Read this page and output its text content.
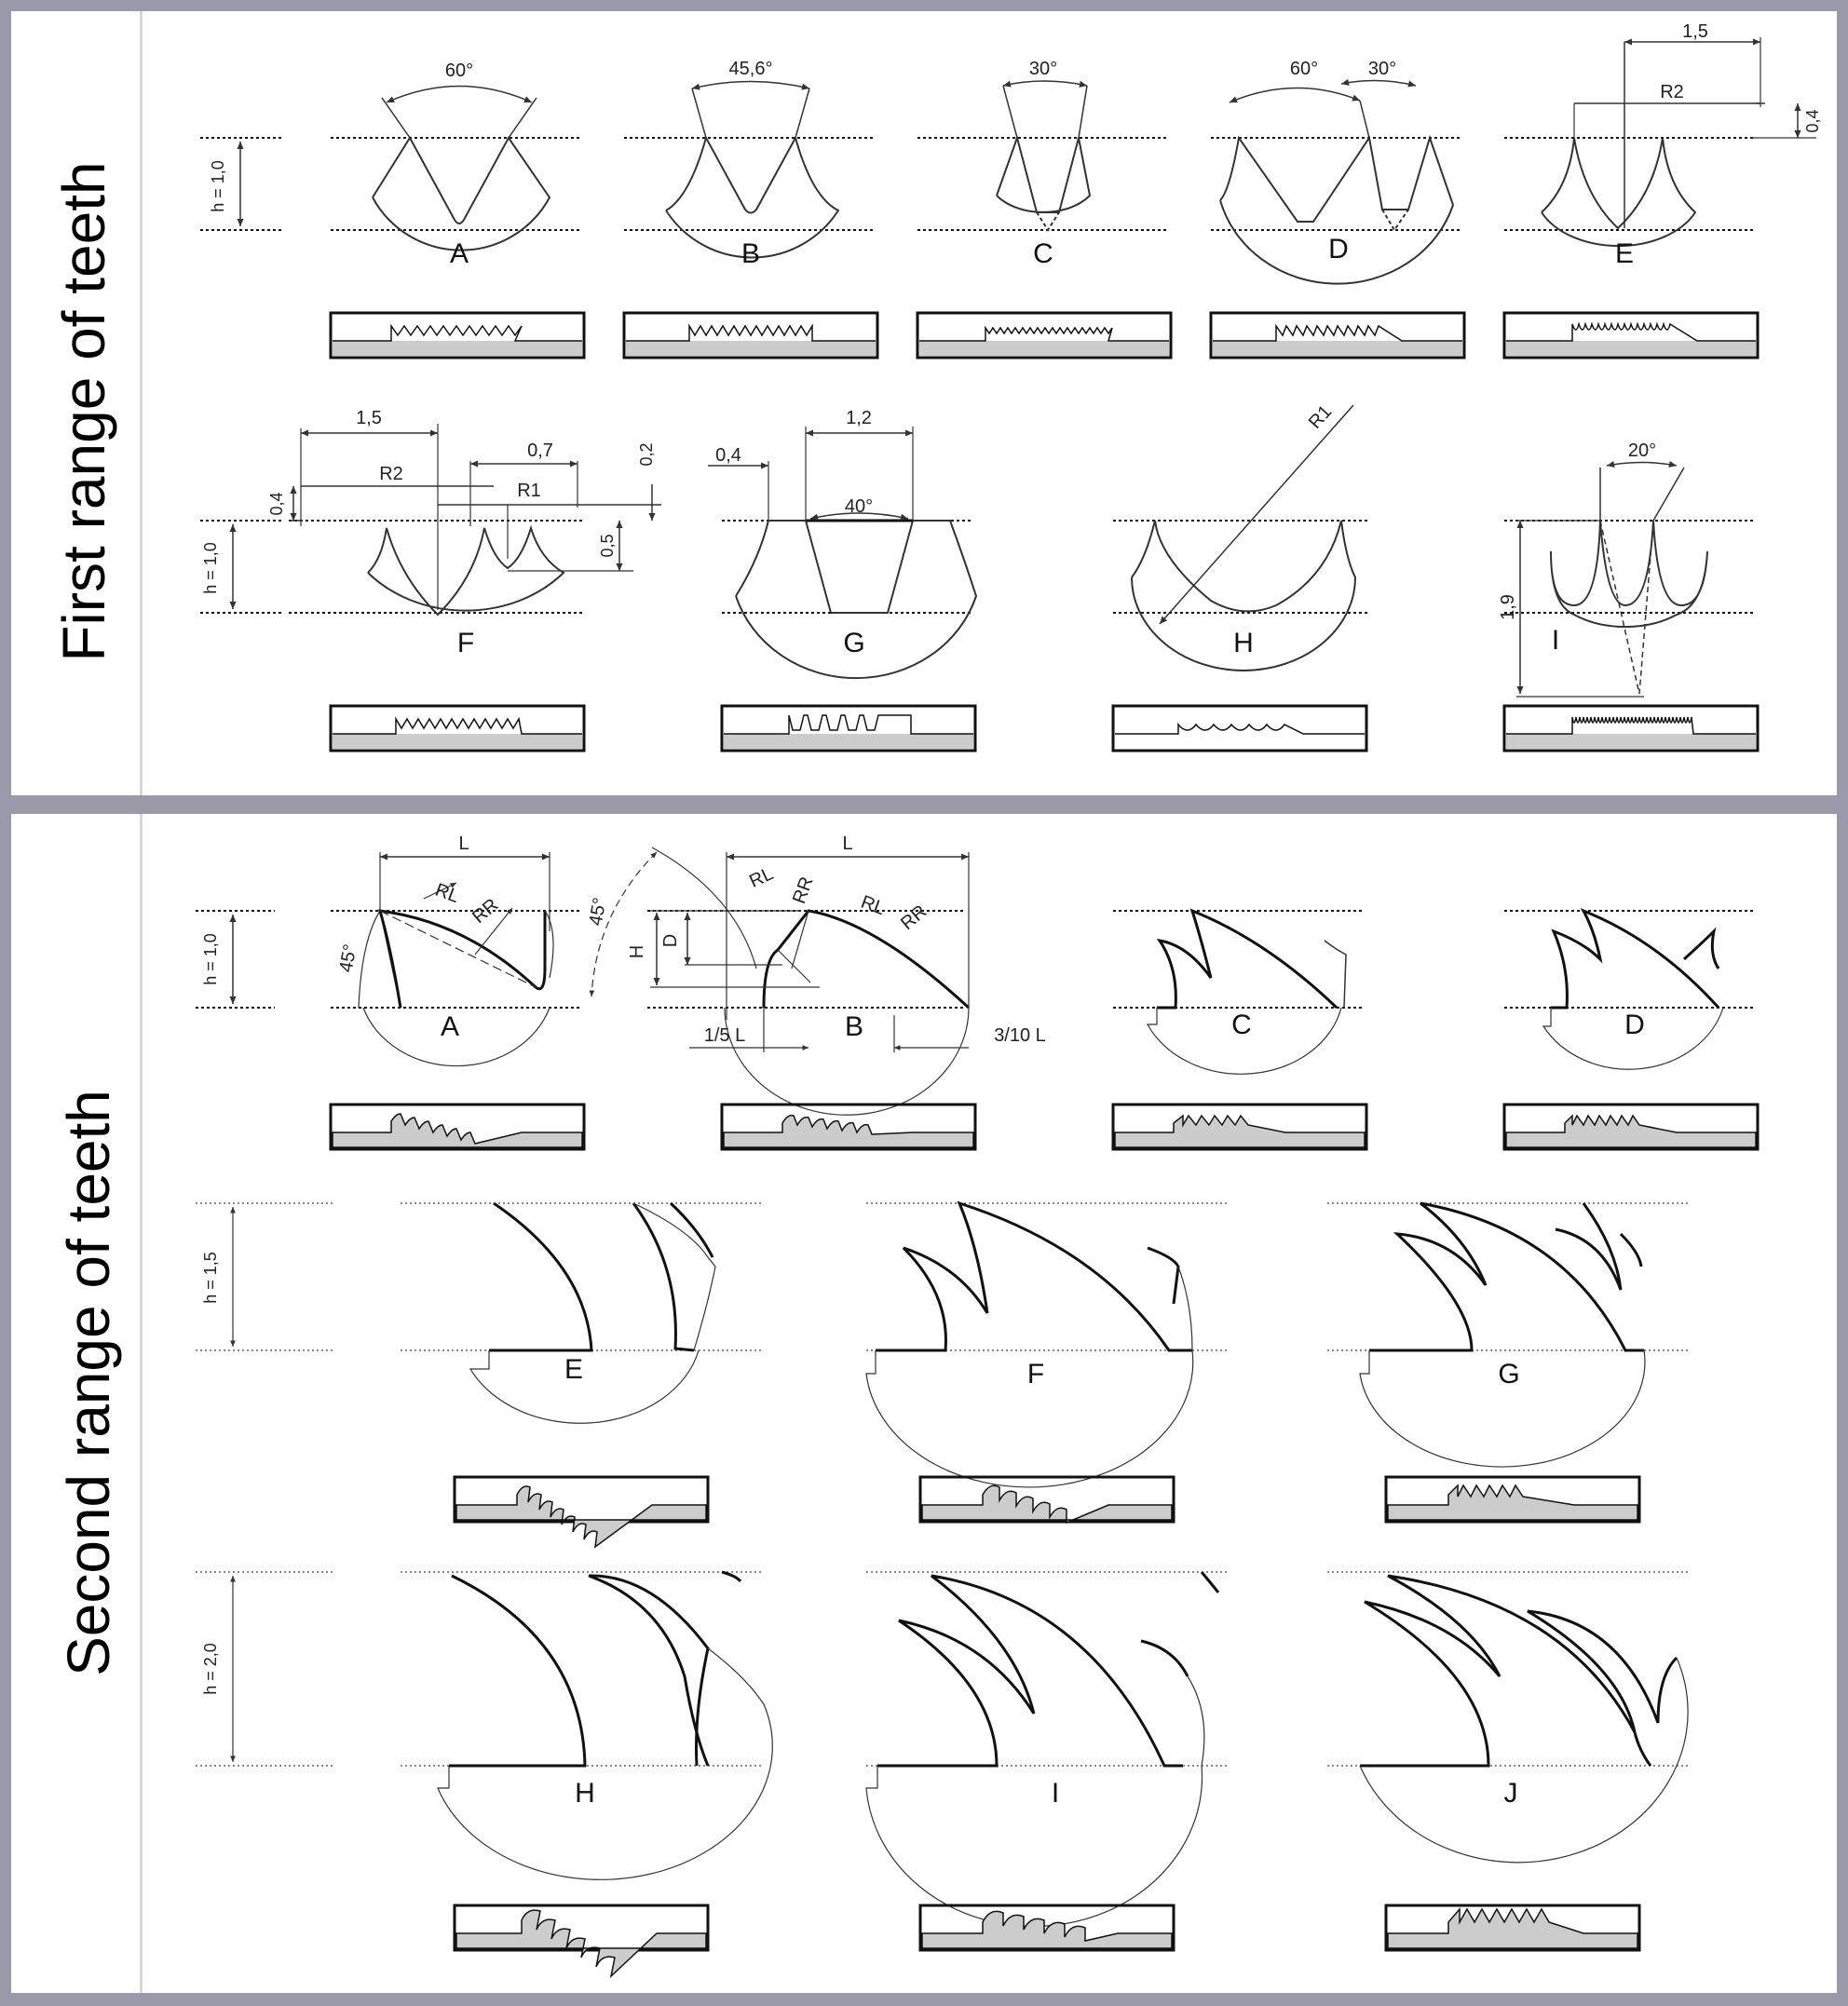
First range of teeth
Second range of teeth
h = 1,0
60°
A
45,6°
B
30°
C
60°	30°
D
1,5
R2
0,4
E
h = 1,0
1,5
0,7
R2
R1
0,4
0,2
0,5
F
0,4
1,2
40°
G
R1
H
20°
1,9
I
h = 1,0
L
RL
RR
45°
A
L
RL RR RL RR
H
D
45°
1/5 L	3/10 L
B	C	D
h = 1,5
E	F	G
h = 2,0
H	I	J
